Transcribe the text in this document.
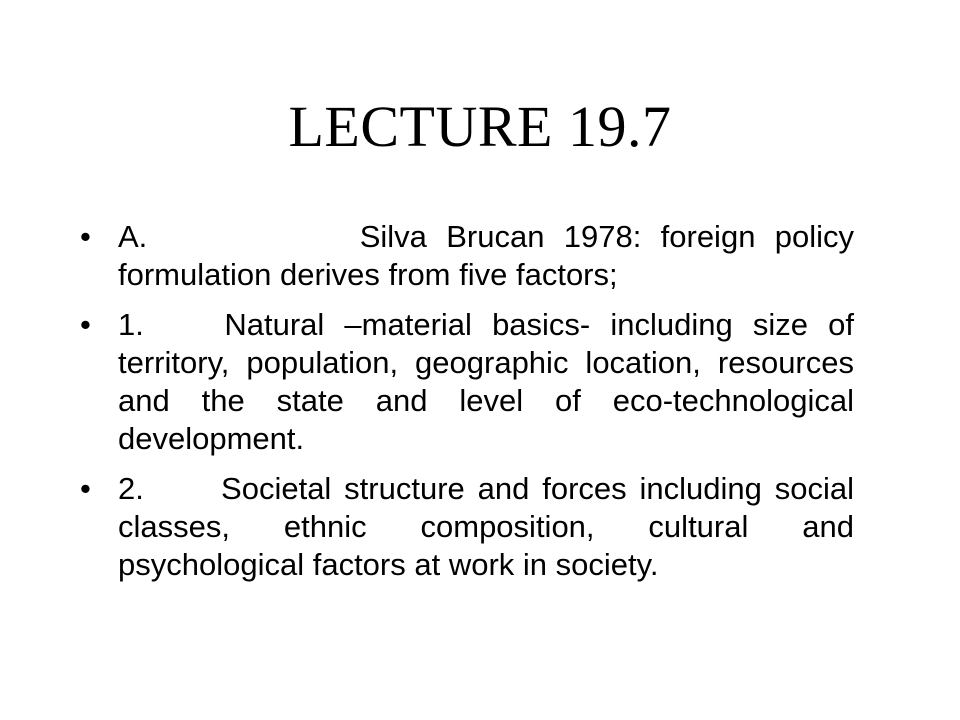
LECTURE 19.7
• A.           Silva Brucan 1978: foreign policy formulation derives from five factors;
• 1.    Natural –material basics- including size of territory, population, geographic location, resources and the state and level of eco-technological development.
• 2.      Societal structure and forces including social classes, ethnic composition, cultural and psychological factors at work in society.
